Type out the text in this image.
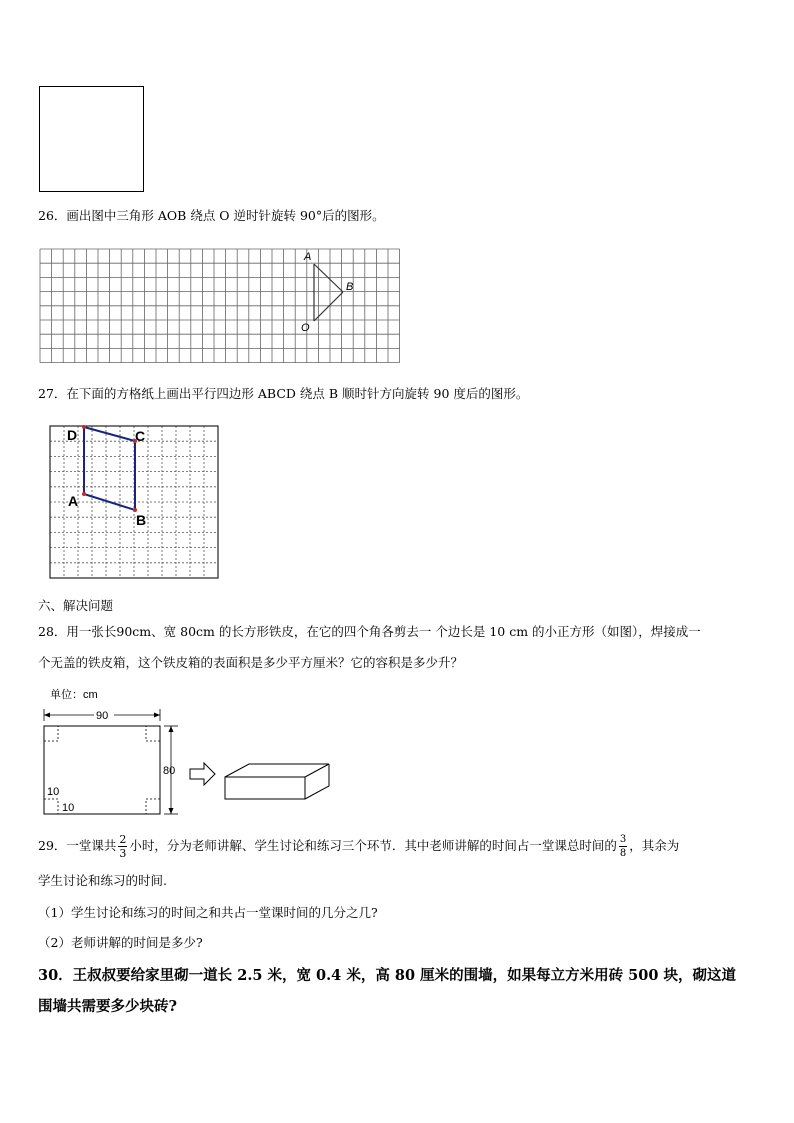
26．画出图中三角形 AOB 绕点 O 逆时针旋转 90°后的图形。
A
B
O
27．在下面的方格纸上画出平行四边形 ABCD 绕点 B 顺时针方向旋转 90 度后的图形。
D	C
A
B
六、解决问题
28．用一张长90cm、宽 80cm 的长方形铁皮，在它的四个角各剪去一 个边长是 10 cm 的小正方形（如图），焊接成一
个无盖的铁皮箱，这个铁皮箱的表面积是多少平方厘米？它的容积是多少升？
单位：cm
90
10
10
80
29．一堂课共 $\frac{2}{3}$ 小时，分为老师讲解、学生讨论和练习三个环节．其中老师讲解的时间占一堂课总时间的 $\frac{3}{8}$ ，其余为
学生讨论和练习的时间.
（1）学生讨论和练习的时间之和共占一堂课时间的几分之几?
（2）老师讲解的时间是多少?
30．王叔叔要给家里砌一道长 2.5 米，宽 0.4 米，高 80 厘米的围墙，如果每立方米用砖 500 块，砌这道
围墙共需要多少块砖?
